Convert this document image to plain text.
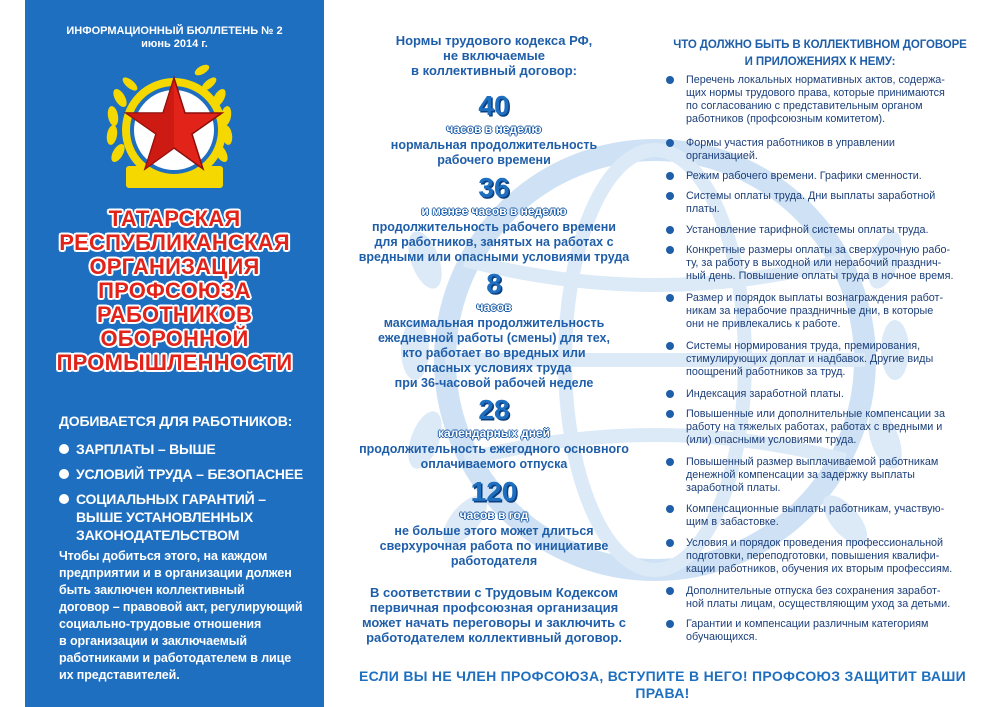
ИНФОРМАЦИОННЫЙ БЮЛЛЕТЕНЬ № 2
июнь 2014 г.
ТАТАРСКАЯ
РЕСПУБЛИКАНСКАЯ
ОРГАНИЗАЦИЯ
ПРОФСОЮЗА
РАБОТНИКОВ
ОБОРОННОЙ
ПРОМЫШЛЕННОСТИ
ДОБИВАЕТСЯ ДЛЯ РАБОТНИКОВ:
ЗАРПЛАТЫ – ВЫШЕ
УСЛОВИЙ ТРУДА – БЕЗОПАСНЕЕ
СОЦИАЛЬНЫХ ГАРАНТИЙ –
ВЫШЕ УСТАНОВЛЕННЫХ
ЗАКОНОДАТЕЛЬСТВОМ
Чтобы добиться этого, на каждом
предприятии и в организации должен
быть заключен коллективный
договор – правовой акт, регулирующий
социально-трудовые отношения
в организации и заключаемый
работниками и работодателем в лице
их представителей.
Нормы трудового кодекса РФ,
не включаемые
в коллективный договор:
40
часов в неделю
нормальная продолжительность
рабочего времени
36
и менее часов в неделю
продолжительность рабочего времени
для работников, занятых на работах с
вредными или опасными условиями труда
8
часов
максимальная продолжительность
ежедневной работы (смены) для тех,
кто работает во вредных или
опасных условиях труда
при 36-часовой рабочей неделе
28
календарных дней
продолжительность ежегодного основного
оплачиваемого отпуска
120
часов в год
не больше этого может длиться
сверхурочная работа по инициативе
работодателя
В соответствии с Трудовым Кодексом
первичная профсоюзная организация
может начать переговоры и заключить с
работодателем коллективный договор.
ЧТО ДОЛЖНО БЫТЬ В КОЛЛЕКТИВНОМ ДОГОВОРЕ
И ПРИЛОЖЕНИЯХ К НЕМУ:
Перечень локальных нормативных актов, содержа-
щих нормы трудового права, которые принимаются
по согласованию с представительным органом
работников (профсоюзным комитетом).
Формы участия работников в управлении
организацией.
Режим рабочего времени. Графики сменности.
Системы оплаты труда. Дни выплаты заработной
платы.
Установление тарифной системы оплаты труда.
Конкретные размеры оплаты за сверхурочную рабо-
ту, за работу в выходной или нерабочий празднич-
ный день. Повышение оплаты труда в ночное время.
Размер и порядок выплаты вознаграждения работ-
никам за нерабочие праздничные дни, в которые
они не привлекались к работе.
Системы нормирования труда, премирования,
стимулирующих доплат и надбавок. Другие виды
поощрений работников за труд.
Индексация заработной платы.
Повышенные или дополнительные компенсации за
работу на тяжелых работах, работах с вредными и
(или) опасными условиями труда.
Повышенный размер выплачиваемой работникам
денежной компенсации за задержку выплаты
заработной платы.
Компенсационные выплаты работникам, участвую-
щим в забастовке.
Условия и порядок проведения профессиональной
подготовки, переподготовки, повышения квалифи-
кации работников, обучения их вторым профессиям.
Дополнительные отпуска без сохранения заработ-
ной платы лицам, осуществляющим уход за детьми.
Гарантии и компенсации различным категориям
обучающихся.
ЕСЛИ ВЫ НЕ ЧЛЕН ПРОФСОЮЗА, ВСТУПИТЕ В НЕГО! ПРОФСОЮЗ ЗАЩИТИТ ВАШИ ПРАВА!
